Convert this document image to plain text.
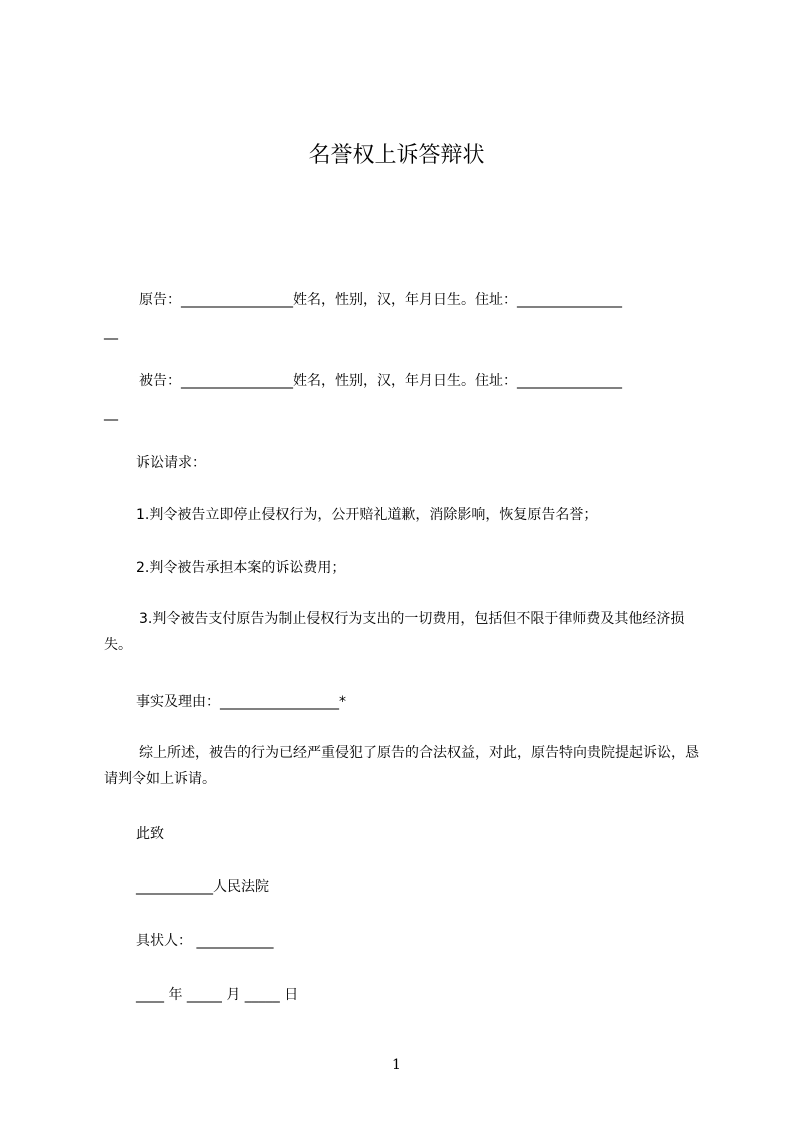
名誉权上诉答辩状
原告：________________姓名，性别，汉，年月日生。住址：_______________
__
被告：________________姓名，性别，汉，年月日生。住址：_______________
__
诉讼请求：
1.判令被告立即停止侵权行为，公开赔礼道歉，消除影响，恢复原告名誉；
2.判令被告承担本案的诉讼费用；
3.判令被告支付原告为制止侵权行为支出的一切费用，包括但不限于律师费及其他经济损失。
事实及理由：_________________*
综上所述，被告的行为已经严重侵犯了原告的合法权益，对此，原告特向贵院提起诉讼，恳请判令如上诉请。
此致
___________人民法院
具状人： ___________
____ 年 _____ 月 _____ 日
1
